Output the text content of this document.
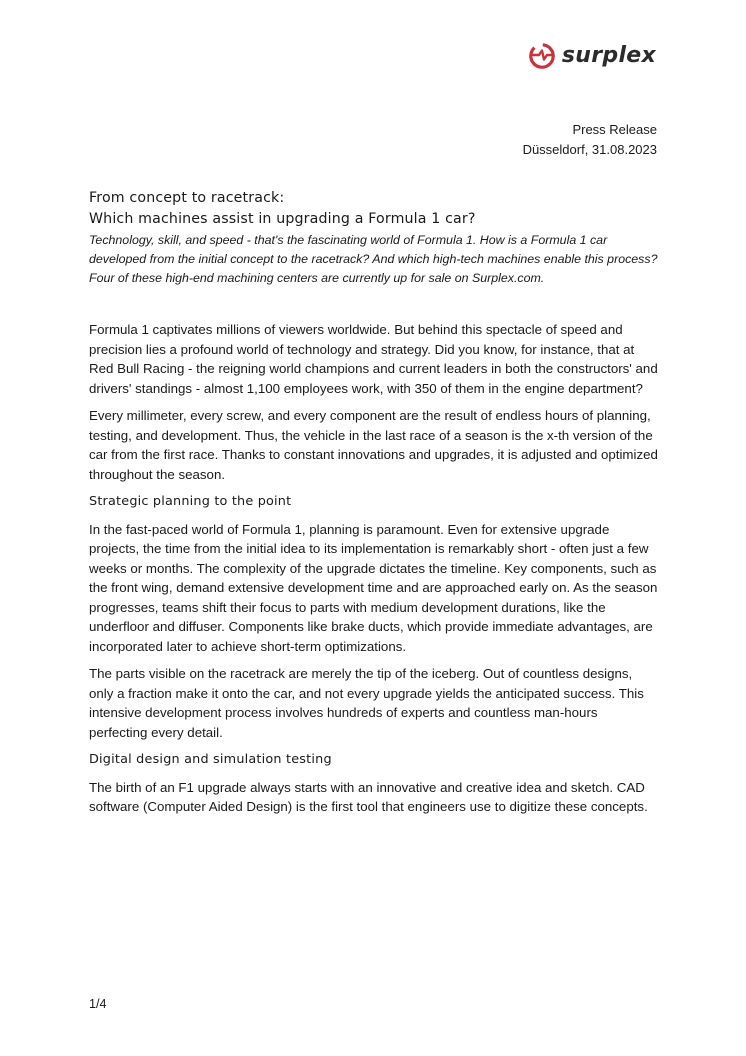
surplex
Press Release
Düsseldorf, 31.08.2023
From concept to racetrack:
Which machines assist in upgrading a Formula 1 car?

Technology, skill, and speed - that's the fascinating world of Formula 1. How is a Formula 1 car developed from the initial concept to the racetrack? And which high-tech machines enable this process? Four of these high-end machining centers are currently up for sale on Surplex.com.

Formula 1 captivates millions of viewers worldwide. But behind this spectacle of speed and precision lies a profound world of technology and strategy. Did you know, for instance, that at Red Bull Racing - the reigning world champions and current leaders in both the constructors' and drivers' standings - almost 1,100 employees work, with 350 of them in the engine department?

Every millimeter, every screw, and every component are the result of endless hours of planning, testing, and development. Thus, the vehicle in the last race of a season is the x-th version of the car from the first race. Thanks to constant innovations and upgrades, it is adjusted and optimized throughout the season.

Strategic planning to the point

In the fast-paced world of Formula 1, planning is paramount. Even for extensive upgrade projects, the time from the initial idea to its implementation is remarkably short - often just a few weeks or months. The complexity of the upgrade dictates the timeline. Key components, such as the front wing, demand extensive development time and are approached early on. As the season progresses, teams shift their focus to parts with medium development durations, like the underfloor and diffuser. Components like brake ducts, which provide immediate advantages, are incorporated later to achieve short-term optimizations.

The parts visible on the racetrack are merely the tip of the iceberg. Out of countless designs, only a fraction make it onto the car, and not every upgrade yields the anticipated success. This intensive development process involves hundreds of experts and countless man-hours perfecting every detail.

Digital design and simulation testing

The birth of an F1 upgrade always starts with an innovative and creative idea and sketch. CAD software (Computer Aided Design) is the first tool that engineers use to digitize these concepts.

1/4
